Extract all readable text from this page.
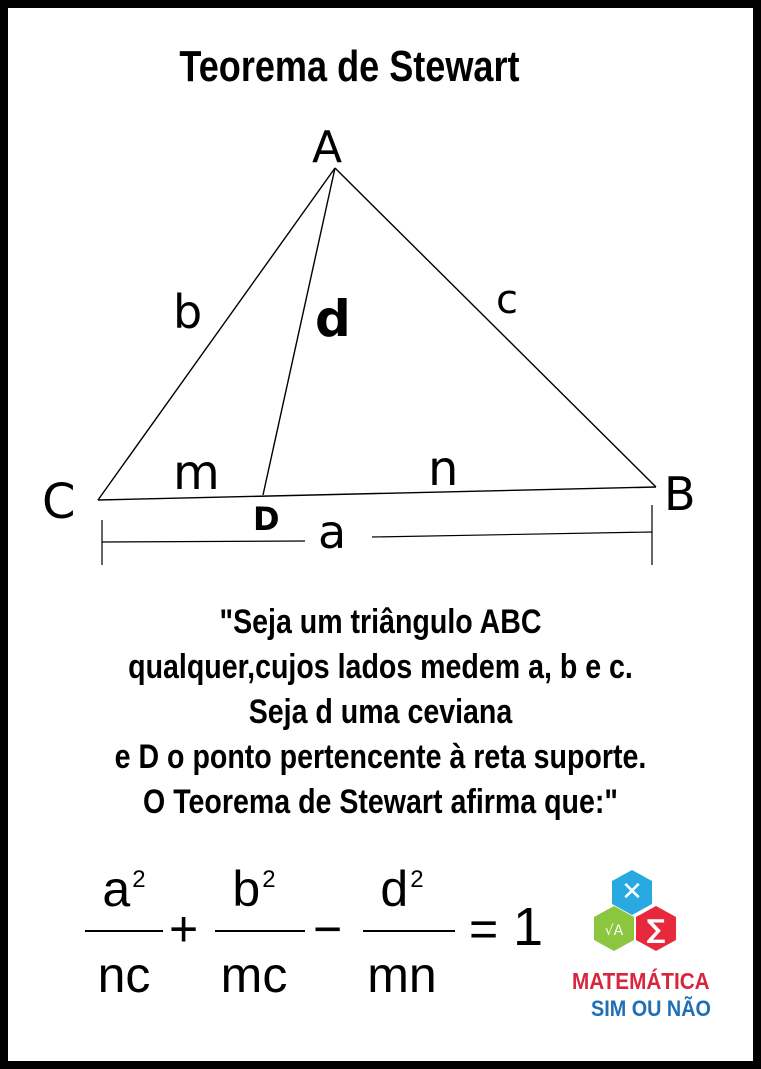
Teorema de Stewart
A
C	B
D
b	c
d
m	n
a
"Seja um triângulo ABC
qualquer,cujos lados medem a, b e c.
Seja d uma ceviana
e D o ponto pertencente à reta suporte.
O Teorema de Stewart afirma que:"
$a^2$
nc
+
$b^2$
mc
−
$d^2$
mn
= 1
✕
√A ∑
MATEMÁTICA
SIM OU NÃO
